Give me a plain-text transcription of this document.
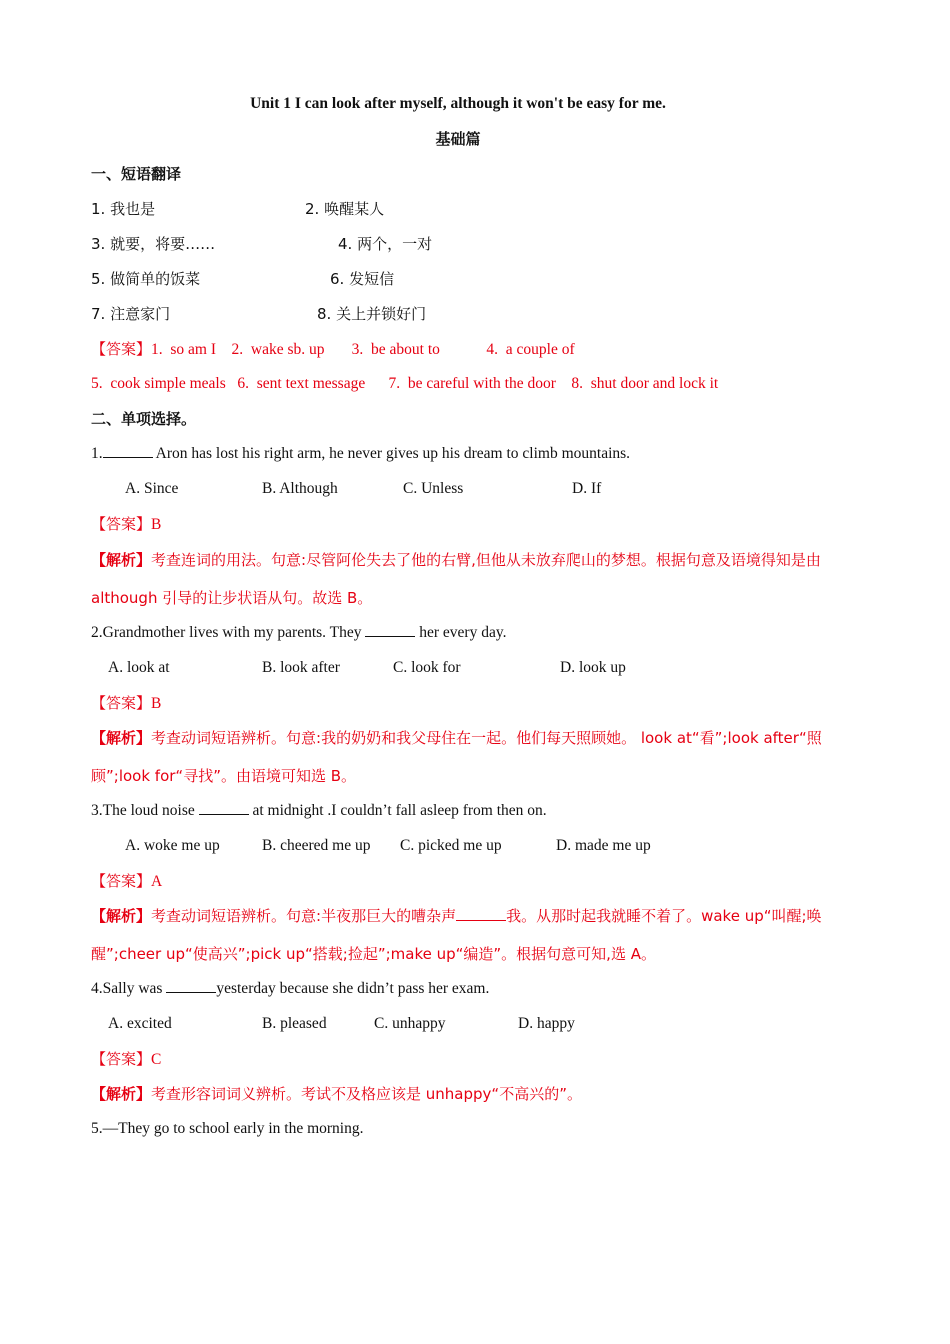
Unit 1 I can look after myself, although it won't be easy for me.
基础篇
一、短语翻译
1. 我也是	2. 唤醒某人
3. 就要，将要……	4. 两个，一对
5. 做简单的饭菜	6. 发短信
7. 注意家门	8. 关上并锁好门
【答案】1.  so am I    2.  wake sb. up       3.  be about to            4.  a couple of
5.  cook simple meals   6.  sent text message      7.  be careful with the door    8.  shut door and lock it
二、单项选择。
1.	Aron has lost his right arm, he never gives up his dream to climb mountains.
A. Since	B. Although	C. Unless	D. If
【答案】B
【解析】考查连词的用法。句意:尽管阿伦失去了他的右臂,但他从未放弃爬山的梦想。根据句意及语境得知是由 although 引导的让步状语从句。故选 B。
2.Grandmother lives with my parents. They	her every day.
A. look at	B. look after	C. look for	D. look up
【答案】B
【解析】考查动词短语辨析。句意:我的奶奶和我父母住在一起。他们每天照顾她。 look at“看”;look after“照顾”;look for“寻找”。由语境可知选 B。
3.The loud noise	at midnight .I couldn’t fall asleep from then on.
A. woke me up	B. cheered me up C. picked me up	D. made me up
【答案】A
【解析】考查动词短语辨析。句意:半夜那巨大的嘈杂声	我。从那时起我就睡不着了。wake up“叫醒;唤醒”;cheer up“使高兴”;pick up“搭载;捡起”;make up“编造”。根据句意可知,选 A。
4.Sally was	yesterday because she didn’t pass her exam.
A. excited	B. pleased	C. unhappy	D. happy
【答案】C
【解析】考查形容词词义辨析。考试不及格应该是 unhappy“不高兴的”。
5.—They go to school early in the morning.
